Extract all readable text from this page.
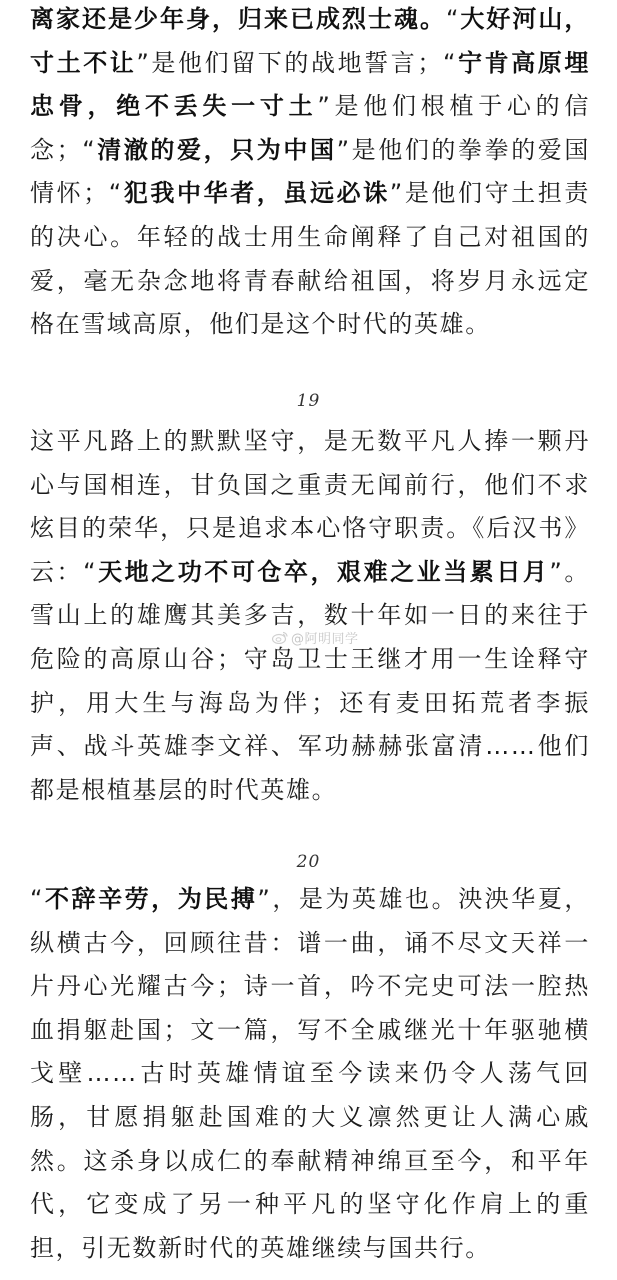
离家还是少年身，归来已成烈士魂。“大好河山，寸土不让”是他们留下的战地誓言；“宁肯高原埋忠骨，绝不丢失一寸土”是他们根植于心的信念；“清澈的爱，只为中国”是他们的拳拳的爱国情怀；“犯我中华者，虽远必诛”是他们守土担责的决心。年轻的战士用生命阐释了自己对祖国的爱，毫无杂念地将青春献给祖国，将岁月永远定格在雪域高原，他们是这个时代的英雄。

19

这平凡路上的默默坚守，是无数平凡人捧一颗丹心与国相连，甘负国之重责无闻前行，他们不求炫目的荣华，只是追求本心恪守职责。《后汉书》云：“天地之功不可仓卒，艰难之业当累日月”。雪山上的雄鹰其美多吉，数十年如一日的来往于危险的高原山谷；守岛卫士王继才用一生诠释守护，用大生与海岛为伴；还有麦田拓荒者李振声、战斗英雄李文祥、军功赫赫张富清……他们都是根植基层的时代英雄。

@阿明同学
20

“不辞辛劳，为民搏”，是为英雄也。泱泱华夏，纵横古今，回顾往昔：谱一曲，诵不尽文天祥一片丹心光耀古今；诗一首，吟不完史可法一腔热血捐躯赴国；文一篇，写不全戚继光十年驱驰横戈壁……古时英雄情谊至今读来仍令人荡气回肠，甘愿捐躯赴国难的大义凛然更让人满心戚然。这杀身以成仁的奉献精神绵亘至今，和平年代，它变成了另一种平凡的坚守化作肩上的重担，引无数新时代的英雄继续与国共行。
